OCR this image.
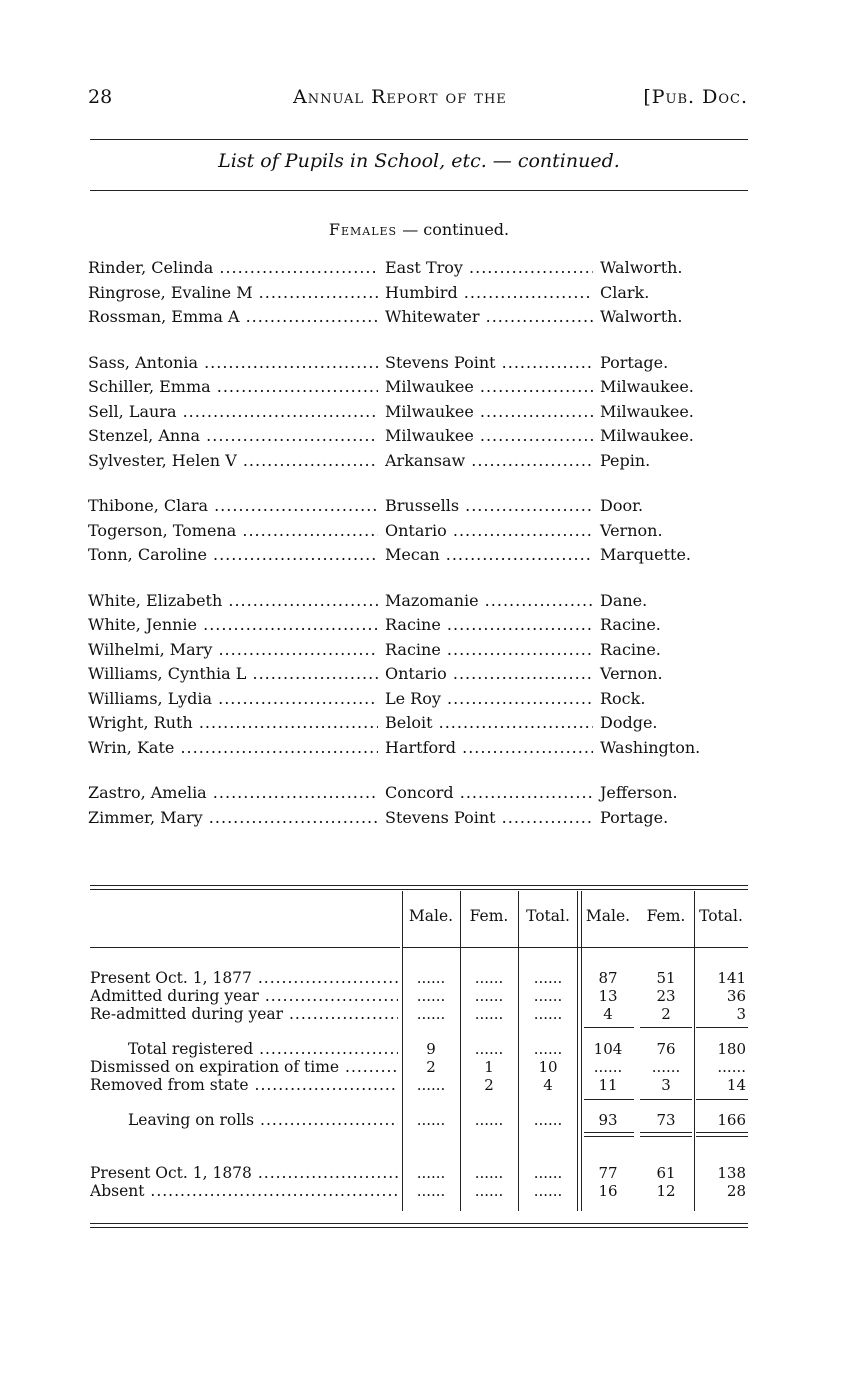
28	Annual Report of the	[Pub. Doc.
List of Pupils in School, etc. — continued.
Females — continued.
Rinder, Celinda .....	East Troy .....	Walworth.
Ringrose, Evaline M .....	Humbird .....	Clark.
Rossman, Emma A .....	Whitewater .....	Walworth.
Sass, Antonia .....	Stevens Point .....	Portage.
Schiller, Emma .....	Milwaukee .....	Milwaukee.
Sell, Laura .....	Milwaukee .....	Milwaukee.
Stenzel, Anna .....	Milwaukee .....	Milwaukee.
Sylvester, Helen V .....	Arkansaw .....	Pepin.
Thibone, Clara .....	Brussells .....	Door.
Togerson, Tomena .....	Ontario .....	Vernon.
Tonn, Caroline .....	Mecan .....	Marquette.
White, Elizabeth .....	Mazomanie .....	Dane.
White, Jennie .....	Racine .....	Racine.
Wilhelmi, Mary .....	Racine .....	Racine.
Williams, Cynthia L .....	Ontario .....	Vernon.
Williams, Lydia .....	Le Roy .....	Rock.
Wright, Ruth .....	Beloit .....	Dodge.
Wrin, Kate .....	Hartford .....	Washington.
Zastro, Amelia .....	Concord .....	Jefferson.
Zimmer, Mary .....	Stevens Point .....	Portage.
Male.	Fem.	Total.	Male.	Fem. Total.
Present Oct. 1, 1877 .....	......	......	......	87	51	141
Admitted during year .....	......	......	......	13	23	36
Re-admitted during year .....	......	......	......	4	2	3
Total registered .....	9	......	......	104	76	180
Dismissed on expiration of time .....	2	1	10	......	......	......
Removed from state .....	......	2	4	11	3	14
Leaving on rolls .....	......	......	......	93	73	166
Present Oct. 1, 1878 .....	......	......	......	77	61	138
Absent .....	......	......	......	16	12	28
